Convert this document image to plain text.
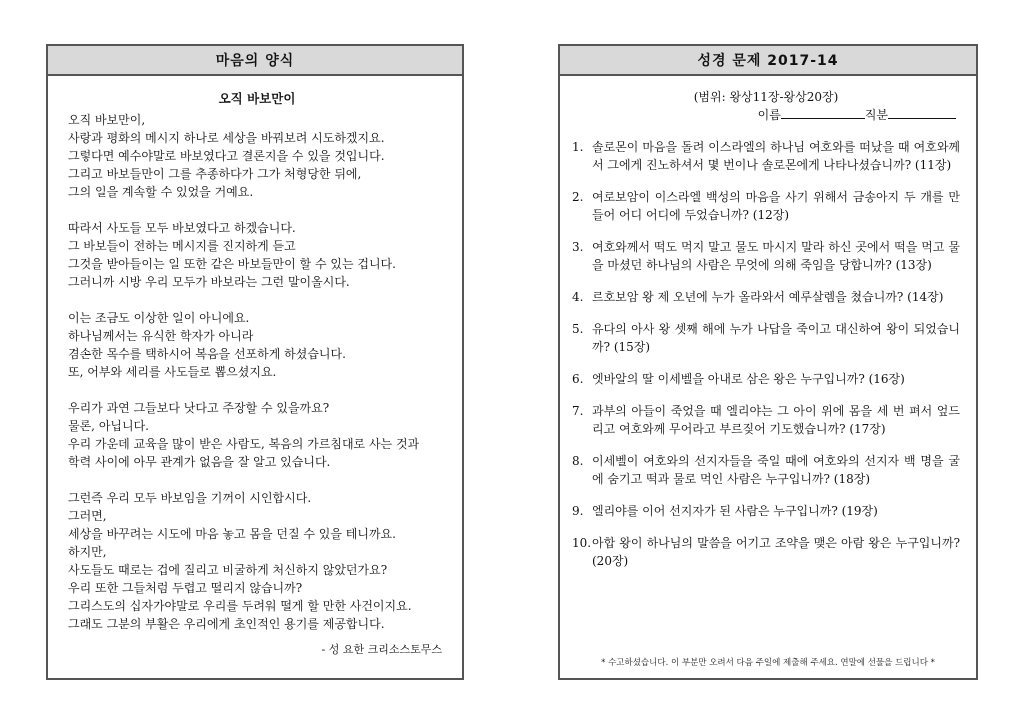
마음의 양식
오직 바보만이
오직 바보만이,
사랑과 평화의 메시지 하나로 세상을 바꿔보려 시도하겠지요.
그렇다면 예수야말로 바보였다고 결론지을 수 있을 것입니다.
그리고 바보들만이 그를 추종하다가 그가 처형당한 뒤에,
그의 일을 계속할 수 있었을 거예요.
따라서 사도들 모두 바보였다고 하겠습니다.
그 바보들이 전하는 메시지를 진지하게 듣고
그것을 받아들이는 일 또한 같은 바보들만이 할 수 있는 겁니다.
그러니까 시방 우리 모두가 바보라는 그런 말이올시다.
이는 조금도 이상한 일이 아니에요.
하나님께서는 유식한 학자가 아니라
겸손한 목수를 택하시어 복음을 선포하게 하셨습니다.
또, 어부와 세리를 사도들로 뽑으셨지요.
우리가 과연 그들보다 낫다고 주장할 수 있을까요?
물론, 아닙니다.
우리 가운데 교육을 많이 받은 사람도, 복음의 가르침대로 사는 것과
학력 사이에 아무 관계가 없음을 잘 알고 있습니다.
그런즉 우리 모두 바보임을 기꺼이 시인합시다.
그러면,
세상을 바꾸려는 시도에 마음 놓고 몸을 던질 수 있을 테니까요.
하지만,
사도들도 때로는 겁에 질리고 비굴하게 처신하지 않았던가요?
우리 또한 그들처럼 두렵고 떨리지 않습니까?
그리스도의 십자가야말로 우리를 두려워 떨게 할 만한 사건이지요.
그래도 그분의 부활은 우리에게 초인적인 용기를 제공합니다.
- 성 요한 크리소스토무스
성경 문제 2017-14
(범위: 왕상11장-왕상20장)
이름	직분
1. 솔로몬이 마음을 돌려 이스라엘의 하나님 여호와를 떠났을 때 여호와께서 그에게 진노하셔서 몇 번이나 솔로몬에게 나타나셨습니까? (11장)
2. 여로보암이 이스라엘 백성의 마음을 사기 위해서 금송아지 두 개를 만들어 어디 어디에 두었습니까? (12장)
3. 여호와께서 떡도 먹지 말고 물도 마시지 말라 하신 곳에서 떡을 먹고 물을 마셨던 하나님의 사람은 무엇에 의해 죽임을 당합니까? (13장)
4. 르호보암 왕 제 오년에 누가 올라와서 예루살렘을 쳤습니까? (14장)
5. 유다의 아사 왕 셋째 해에 누가 나답을 죽이고 대신하여 왕이 되었습니까? (15장)
6. 엣바알의 딸 이세벨을 아내로 삼은 왕은 누구입니까? (16장)
7. 과부의 아들이 죽었을 때 엘리야는 그 아이 위에 몸을 세 번 펴서 엎드리고 여호와께 무어라고 부르짖어 기도했습니까? (17장)
8. 이세벨이 여호와의 선지자들을 죽일 때에 여호와의 선지자 백 명을 굴에 숨기고 떡과 물로 먹인 사람은 누구입니까? (18장)
9. 엘리야를 이어 선지자가 된 사람은 누구입니까? (19장)
10. 아합 왕이 하나님의 말씀을 어기고 조약을 맺은 아람 왕은 누구입니까? (20장)
* 수고하셨습니다. 이 부분만 오려서 다음 주일에 제출해 주세요. 연말에 선물을 드립니다 *
